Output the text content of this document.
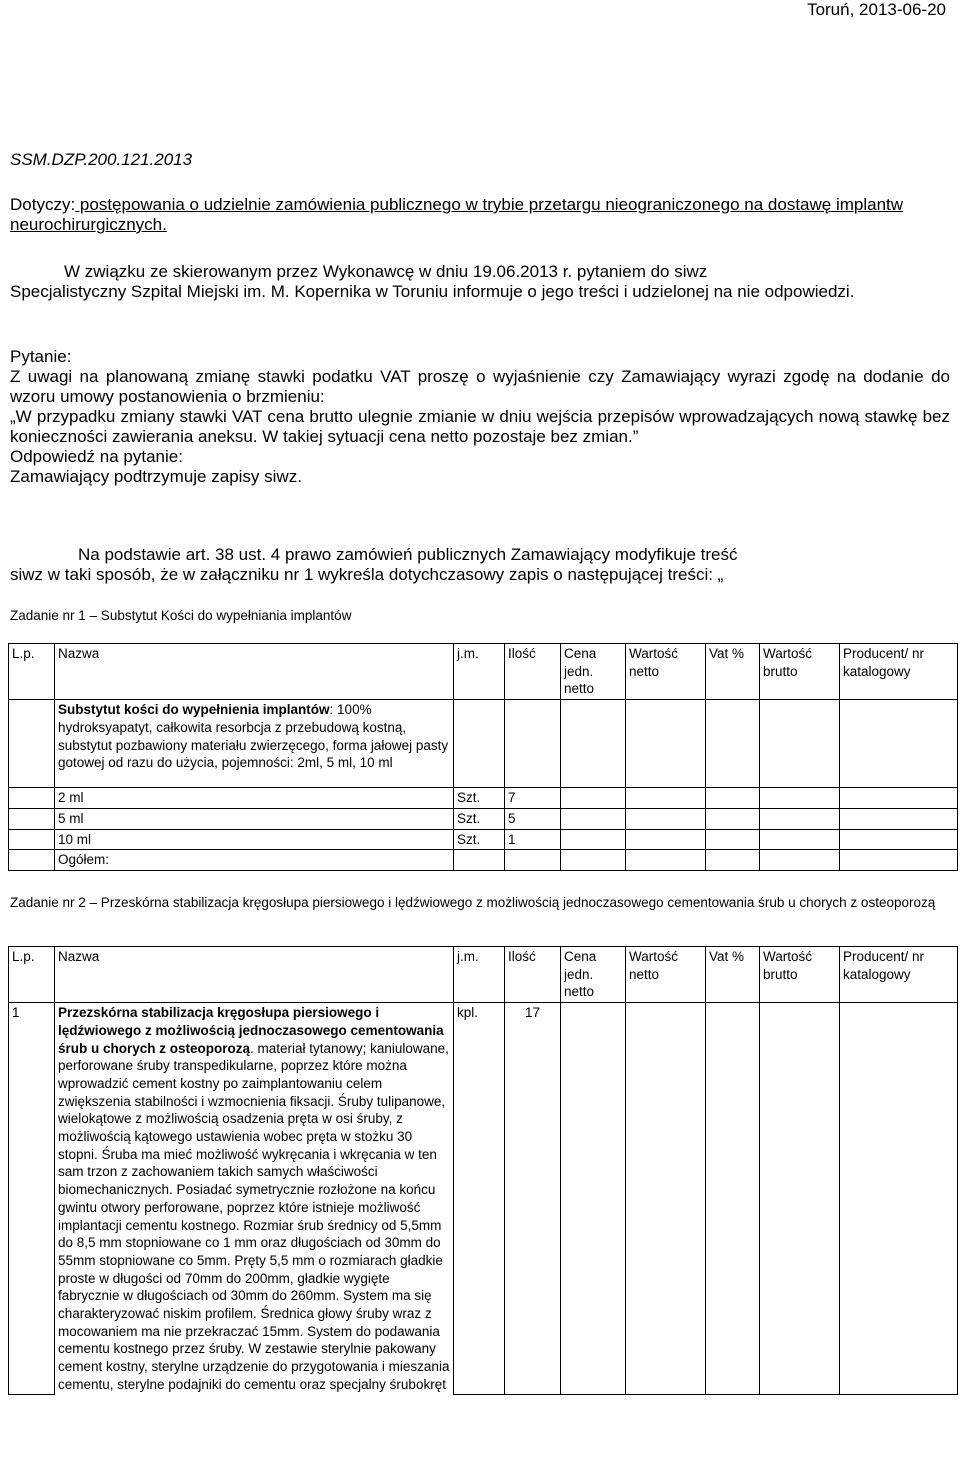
Toruń, 2013-06-20
SSM.DZP.200.121.2013
Dotyczy: postępowania o udzielnie zamówienia publicznego w trybie przetargu nieograniczonego na dostawę implantw neurochirurgicznych.
W związku ze skierowanym przez Wykonawcę w dniu 19.06.2013 r. pytaniem do siwz
Specjalistyczny Szpital Miejski im. M. Kopernika w Toruniu informuje o jego treści i udzielonej na nie odpowiedzi.

Pytanie:

Z uwagi na planowaną zmianę stawki podatku VAT proszę o wyjaśnienie czy Zamawiający wyrazi zgodę na dodanie do wzoru umowy postanowienia o brzmieniu:

„W przypadku zmiany stawki VAT cena brutto ulegnie zmianie w dniu wejścia przepisów wprowadzających nową stawkę bez konieczności zawierania aneksu. W takiej sytuacji cena netto pozostaje bez zmian.”

Odpowiedź na pytanie:

Zamawiający podtrzymuje zapisy siwz.

Na podstawie art. 38 ust. 4 prawo zamówień publicznych Zamawiający modyfikuje treść
siwz w taki sposób, że w załączniku nr 1 wykreśla dotychczasowy zapis o następującej treści: „
Zadanie nr 1 – Substytut Kości do wypełniania implantów
L.p.	Nazwa	j.m.	Ilość	Cena jedn. netto	Wartość netto	Vat %	Wartość brutto	Producent/ nr katalogowy
	Substytut kości do wypełnienia implantów: 100% hydroksyapatyt, całkowita resorbcja z przebudową kostną, substytut pozbawiony materiału zwierzęcego, forma jałowej pasty gotowej od razu do użycia, pojemności: 2ml, 5 ml, 10 ml							
	2 ml	Szt.	7					
	5 ml	Szt.	5					
	10 ml	Szt.	1					
	Ogółem:							
Zadanie nr 2 – Przeskórna stabilizacja kręgosłupa piersiowego i lędźwiowego z możliwością jednoczasowego cementowania śrub u chorych z osteoporozą
L.p.	Nazwa	j.m.	Ilość	Cena jedn. netto	Wartość netto	Vat %	Wartość brutto	Producent/ nr katalogowy
1	Przezskórna stabilizacja kręgosłupa piersiowego i lędźwiowego z możliwością jednoczasowego cementowania śrub u chorych z osteoporozą. materiał tytanowy; kaniulowane, perforowane śruby transpedikularne, poprzez które można wprowadzić cement kostny po zaimplantowaniu celem zwiększenia stabilności i wzmocnienia fiksacji. Śruby tulipanowe, wielokątowe z możliwością osadzenia pręta w osi śruby, z możliwością kątowego ustawienia wobec pręta w stożku 30 stopni. Śruba ma mieć możliwość wykręcania i wkręcania w ten sam trzon z zachowaniem takich samych właściwości biomechanicznych. Posiadać symetrycznie rozłożone na końcu gwintu otwory perforowane, poprzez które istnieje możliwość implantacji cementu kostnego. Rozmiar śrub średnicy od 5,5mm do 8,5 mm stopniowane co 1 mm oraz długościach od 30mm do 55mm stopniowane co 5mm. Pręty 5,5 mm o rozmiarach gładkie proste w długości od 70mm do 200mm, gładkie wygięte fabrycznie w długościach od 30mm do 260mm. System ma się charakteryzować niskim profilem. Średnica głowy śruby wraz z mocowaniem ma nie przekraczać 15mm. System do podawania cementu kostnego przez śruby. W zestawie sterylnie pakowany cement kostny, sterylne urządzenie do przygotowania i mieszania cementu, sterylne podajniki do cementu oraz specjalny śrubokręt	kpl.	17					
